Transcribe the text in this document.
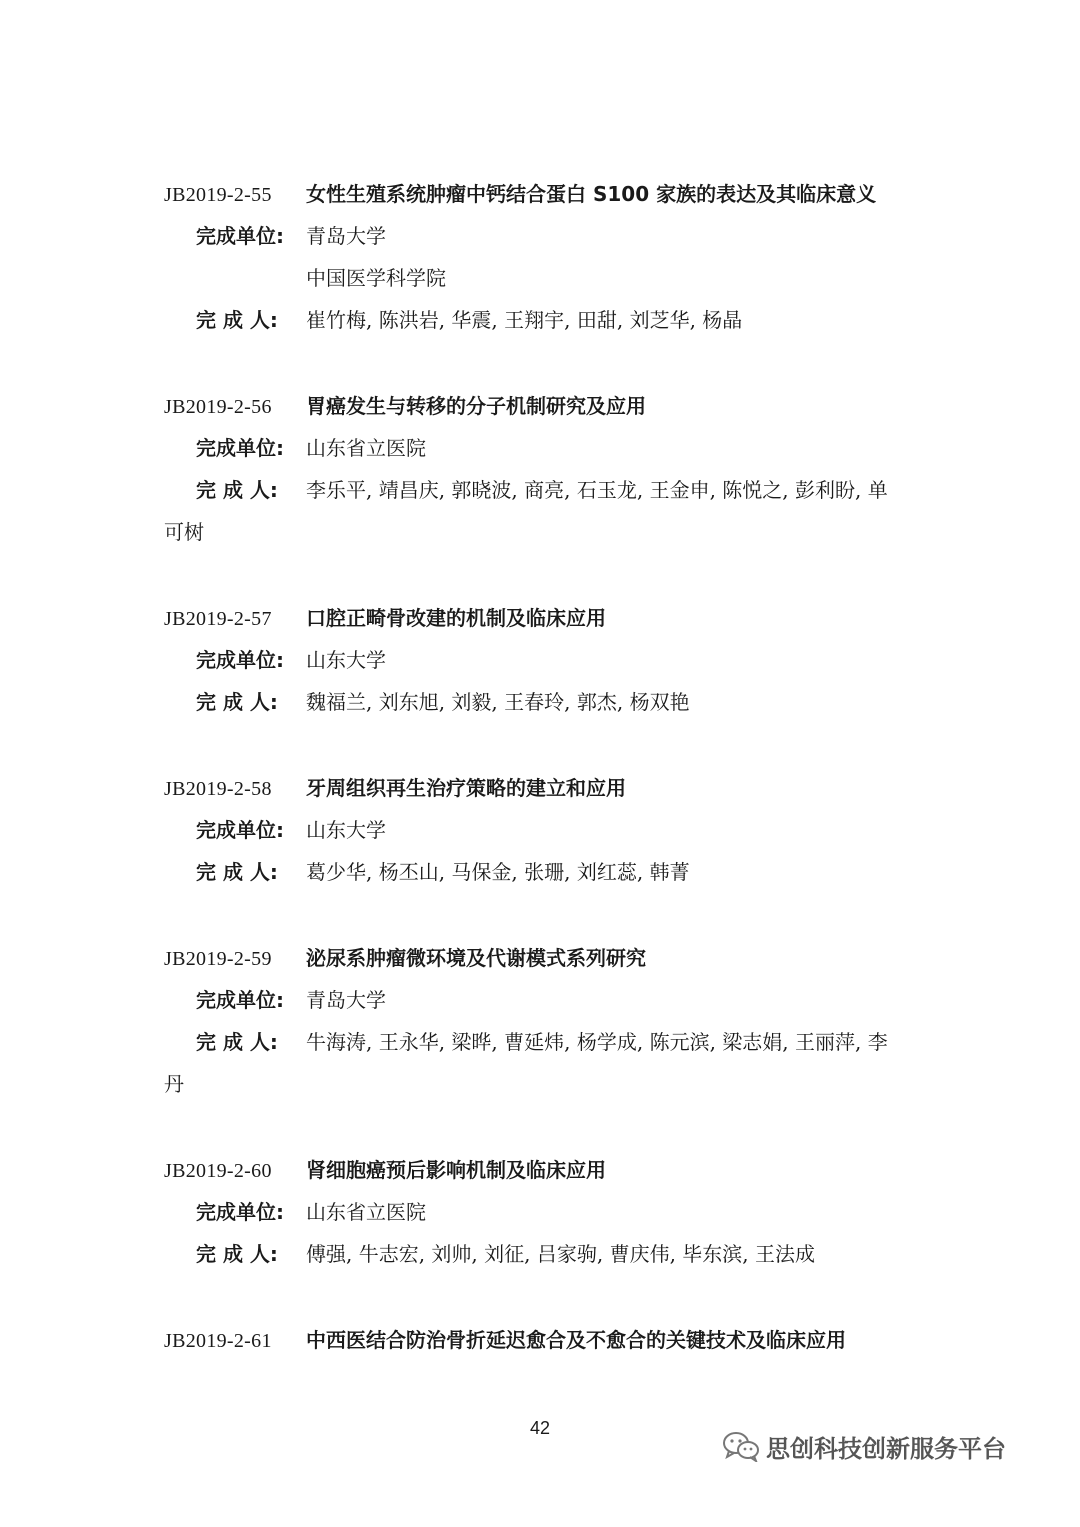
JB2019-2-55 女性生殖系统肿瘤中钙结合蛋白 S100 家族的表达及其临床意义
完成单位: 青岛大学
中国医学科学院
完 成 人: 崔竹梅, 陈洪岩, 华震, 王翔宇, 田甜, 刘芝华, 杨晶
JB2019-2-56 胃癌发生与转移的分子机制研究及应用
完成单位: 山东省立医院
完 成 人: 李乐平, 靖昌庆, 郭晓波, 商亮, 石玉龙, 王金申, 陈悦之, 彭利盼, 单
可树
JB2019-2-57 口腔正畸骨改建的机制及临床应用
完成单位: 山东大学
完 成 人: 魏福兰, 刘东旭, 刘毅, 王春玲, 郭杰, 杨双艳
JB2019-2-58 牙周组织再生治疗策略的建立和应用
完成单位: 山东大学
完 成 人: 葛少华, 杨丕山, 马保金, 张珊, 刘红蕊, 韩菁
JB2019-2-59 泌尿系肿瘤微环境及代谢模式系列研究
完成单位: 青岛大学
完 成 人: 牛海涛, 王永华, 梁晔, 曹延炜, 杨学成, 陈元滨, 梁志娟, 王丽萍, 李
丹
JB2019-2-60 肾细胞癌预后影响机制及临床应用
完成单位: 山东省立医院
完 成 人: 傅强, 牛志宏, 刘帅, 刘征, 吕家驹, 曹庆伟, 毕东滨, 王法成
JB2019-2-61 中西医结合防治骨折延迟愈合及不愈合的关键技术及临床应用
42
思创科技创新服务平台
